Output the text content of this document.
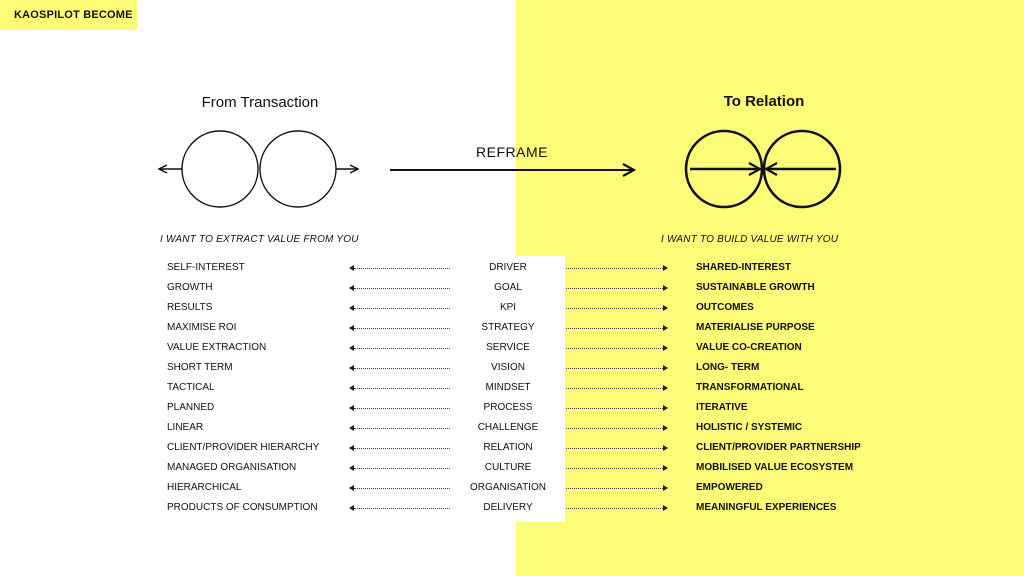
KAOSPILOT BECOME
From Transaction	To Relation
REFRAME
I WANT TO EXTRACT VALUE FROM YOU	I WANT TO BUILD VALUE WITH YOU
SELF-INTEREST	DRIVER	SHARED-INTEREST
GROWTH	GOAL	SUSTAINABLE GROWTH
RESULTS	KPI	OUTCOMES
MAXIMISE ROI	STRATEGY	MATERIALISE PURPOSE
VALUE EXTRACTION	SERVICE	VALUE CO-CREATION
SHORT TERM	VISION	LONG- TERM
TACTICAL	MINDSET	TRANSFORMATIONAL
PLANNED	PROCESS	ITERATIVE
LINEAR	CHALLENGE	HOLISTIC / SYSTEMIC
CLIENT/PROVIDER HIERARCHY	RELATION	CLIENT/PROVIDER PARTNERSHIP
MANAGED ORGANISATION	CULTURE	MOBILISED VALUE ECOSYSTEM
HIERARCHICAL	ORGANISATION	EMPOWERED
PRODUCTS OF CONSUMPTION	DELIVERY	MEANINGFUL EXPERIENCES
